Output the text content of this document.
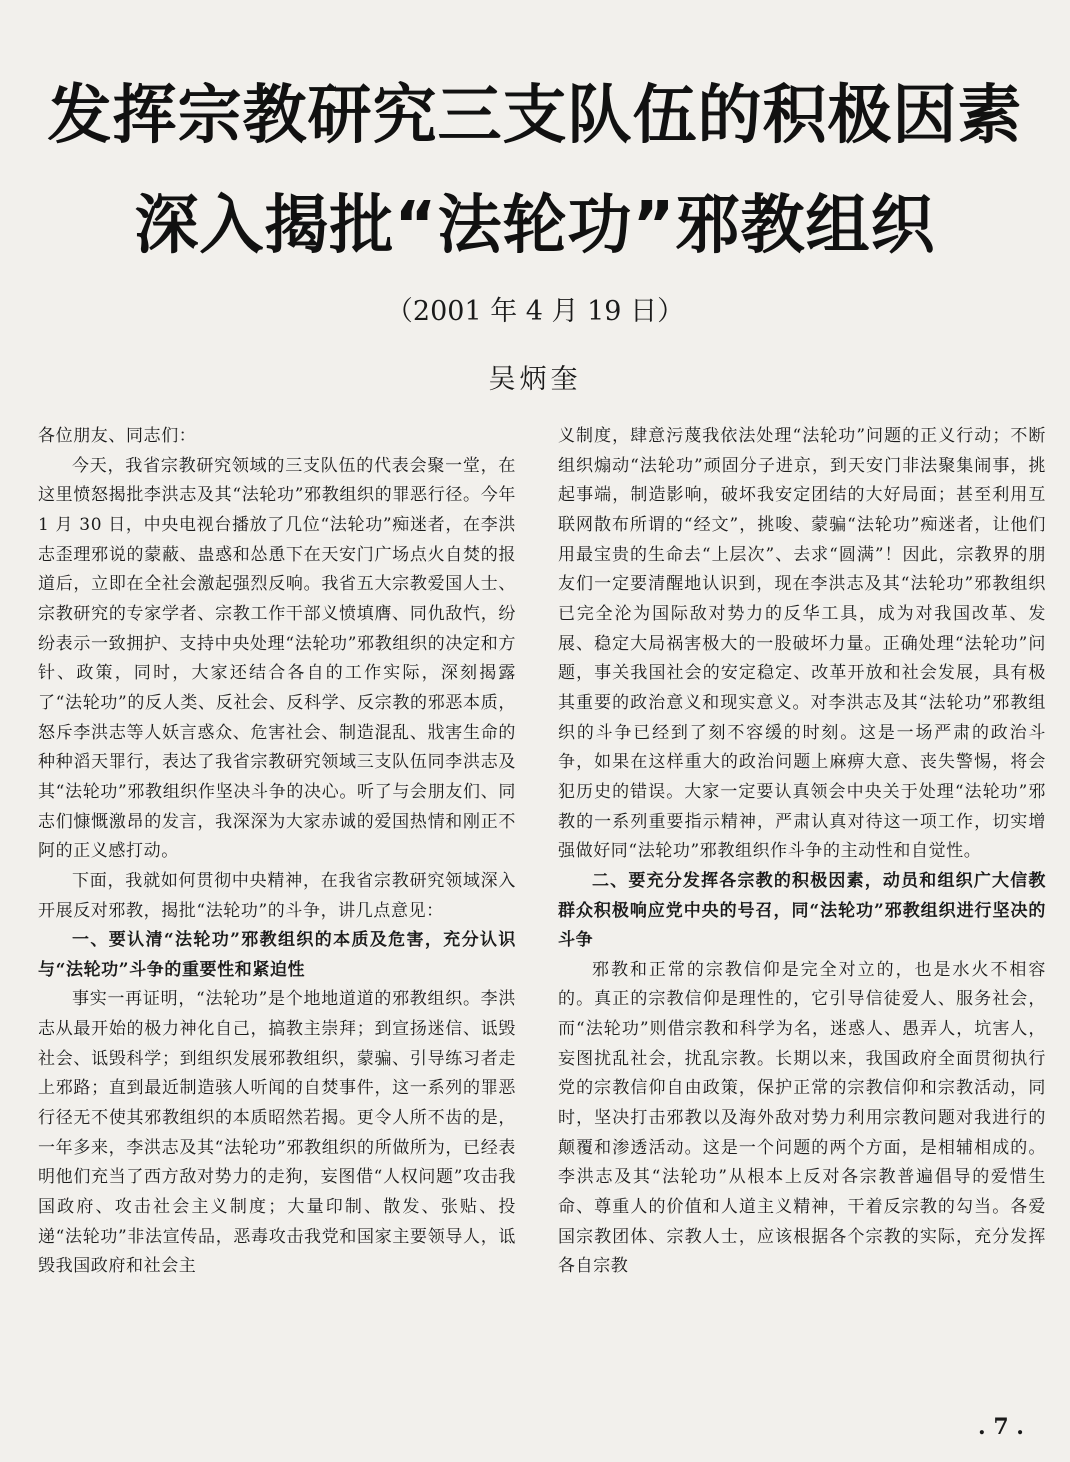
发挥宗教研究三支队伍的积极因素
深入揭批“法轮功”邪教组织
（2001 年 4 月 19 日）
吴炳奎

各位朋友、同志们：

今天，我省宗教研究领域的三支队伍的代表会聚一堂，在这里愤怒揭批李洪志及其“法轮功”邪教组织的罪恶行径。今年 1 月 30 日，中央电视台播放了几位“法轮功”痴迷者，在李洪志歪理邪说的蒙蔽、蛊惑和怂恿下在天安门广场点火自焚的报道后，立即在全社会激起强烈反响。我省五大宗教爱国人士、宗教研究的专家学者、宗教工作干部义愤填膺、同仇敌忾，纷纷表示一致拥护、支持中央处理“法轮功”邪教组织的决定和方针、政策，同时，大家还结合各自的工作实际，深刻揭露了“法轮功”的反人类、反社会、反科学、反宗教的邪恶本质，怒斥李洪志等人妖言惑众、危害社会、制造混乱、戕害生命的种种滔天罪行，表达了我省宗教研究领域三支队伍同李洪志及其“法轮功”邪教组织作坚决斗争的决心。听了与会朋友们、同志们慷慨激昂的发言，我深深为大家赤诚的爱国热情和刚正不阿的正义感打动。

下面，我就如何贯彻中央精神，在我省宗教研究领域深入开展反对邪教，揭批“法轮功”的斗争，讲几点意见：

一、要认清“法轮功”邪教组织的本质及危害，充分认识与“法轮功”斗争的重要性和紧迫性

事实一再证明，“法轮功”是个地地道道的邪教组织。李洪志从最开始的极力神化自己，搞教主崇拜；到宣扬迷信、诋毁社会、诋毁科学；到组织发展邪教组织，蒙骗、引导练习者走上邪路；直到最近制造骇人听闻的自焚事件，这一系列的罪恶行径无不使其邪教组织的本质昭然若揭。更令人所不齿的是，一年多来，李洪志及其“法轮功”邪教组织的所做所为，已经表明他们充当了西方敌对势力的走狗，妄图借“人权问题”攻击我国政府、攻击社会主义制度；大量印制、散发、张贴、投递“法轮功”非法宣传品，恶毒攻击我党和国家主要领导人，诋毁我国政府和社会主

义制度，肆意污蔑我依法处理“法轮功”问题的正义行动；不断组织煽动“法轮功”顽固分子进京，到天安门非法聚集闹事，挑起事端，制造影响，破坏我安定团结的大好局面；甚至利用互联网散布所谓的“经文”，挑唆、蒙骗“法轮功”痴迷者，让他们用最宝贵的生命去“上层次”、去求“圆满”！因此，宗教界的朋友们一定要清醒地认识到，现在李洪志及其“法轮功”邪教组织已完全沦为国际敌对势力的反华工具，成为对我国改革、发展、稳定大局祸害极大的一股破坏力量。正确处理“法轮功”问题，事关我国社会的安定稳定、改革开放和社会发展，具有极其重要的政治意义和现实意义。对李洪志及其“法轮功”邪教组织的斗争已经到了刻不容缓的时刻。这是一场严肃的政治斗争，如果在这样重大的政治问题上麻痹大意、丧失警惕，将会犯历史的错误。大家一定要认真领会中央关于处理“法轮功”邪教的一系列重要指示精神，严肃认真对待这一项工作，切实增强做好同“法轮功”邪教组织作斗争的主动性和自觉性。

二、要充分发挥各宗教的积极因素，动员和组织广大信教群众积极响应党中央的号召，同“法轮功”邪教组织进行坚决的斗争

邪教和正常的宗教信仰是完全对立的，也是水火不相容的。真正的宗教信仰是理性的，它引导信徒爱人、服务社会，而“法轮功”则借宗教和科学为名，迷惑人、愚弄人，坑害人，妄图扰乱社会，扰乱宗教。长期以来，我国政府全面贯彻执行党的宗教信仰自由政策，保护正常的宗教信仰和宗教活动，同时，坚决打击邪教以及海外敌对势力利用宗教问题对我进行的颠覆和渗透活动。这是一个问题的两个方面，是相辅相成的。李洪志及其“法轮功”从根本上反对各宗教普遍倡导的爱惜生命、尊重人的价值和人道主义精神，干着反宗教的勾当。各爱国宗教团体、宗教人士，应该根据各个宗教的实际，充分发挥各自宗教

. 7 .
